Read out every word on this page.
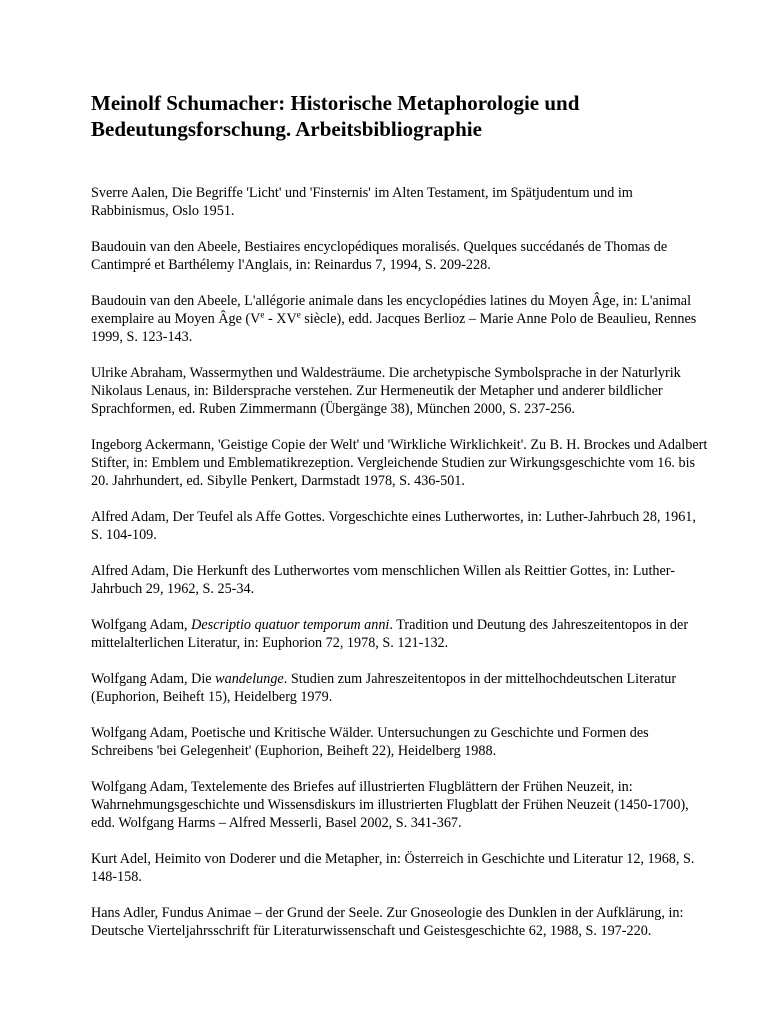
Meinolf Schumacher: Historische Metaphorologie und
Bedeutungsforschung. Arbeitsbibliographie

Sverre Aalen, Die Begriffe 'Licht' und 'Finsternis' im Alten Testament, im Spätjudentum und im Rabbinismus, Oslo 1951.

Baudouin van den Abeele, Bestiaires encyclopédiques moralisés. Quelques succédanés de Thomas de Cantimpré et Barthélemy l'Anglais, in: Reinardus 7, 1994, S. 209-228.

Baudouin van den Abeele, L'allégorie animale dans les encyclopédies latines du Moyen Âge, in: L'animal exemplaire au Moyen Âge (Ve - XVe siècle), edd. Jacques Berlioz – Marie Anne Polo de Beaulieu, Rennes 1999, S. 123-143.

Ulrike Abraham, Wassermythen und Waldesträume. Die archetypische Symbolsprache in der Naturlyrik Nikolaus Lenaus, in: Bildersprache verstehen. Zur Hermeneutik der Metapher und anderer bildlicher Sprachformen, ed. Ruben Zimmermann (Übergänge 38), München 2000, S. 237-256.

Ingeborg Ackermann, 'Geistige Copie der Welt' und 'Wirkliche Wirklichkeit'. Zu B. H. Brockes und Adalbert Stifter, in: Emblem und Emblematikrezeption. Vergleichende Studien zur Wirkungsgeschichte vom 16. bis 20. Jahrhundert, ed. Sibylle Penkert, Darmstadt 1978, S. 436-501.

Alfred Adam, Der Teufel als Affe Gottes. Vorgeschichte eines Lutherwortes, in: Luther-Jahrbuch 28, 1961, S. 104-109.

Alfred Adam, Die Herkunft des Lutherwortes vom menschlichen Willen als Reittier Gottes, in: Luther-Jahrbuch 29, 1962, S. 25-34.

Wolfgang Adam, Descriptio quatuor temporum anni. Tradition und Deutung des Jahreszeitentopos in der mittelalterlichen Literatur, in: Euphorion 72, 1978, S. 121-132.

Wolfgang Adam, Die wandelunge. Studien zum Jahreszeitentopos in der mittelhochdeutschen Literatur (Euphorion, Beiheft 15), Heidelberg 1979.

Wolfgang Adam, Poetische und Kritische Wälder. Untersuchungen zu Geschichte und Formen des Schreibens 'bei Gelegenheit' (Euphorion, Beiheft 22), Heidelberg 1988.

Wolfgang Adam, Textelemente des Briefes auf illustrierten Flugblättern der Frühen Neuzeit, in: Wahrnehmungsgeschichte und Wissensdiskurs im illustrierten Flugblatt der Frühen Neuzeit (1450-1700), edd. Wolfgang Harms – Alfred Messerli, Basel 2002, S. 341-367.

Kurt Adel, Heimito von Doderer und die Metapher, in: Österreich in Geschichte und Literatur 12, 1968, S. 148-158.

Hans Adler, Fundus Animae – der Grund der Seele. Zur Gnoseologie des Dunklen in der Aufklärung, in: Deutsche Vierteljahrsschrift für Literaturwissenschaft und Geistesgeschichte 62, 1988, S. 197-220.
